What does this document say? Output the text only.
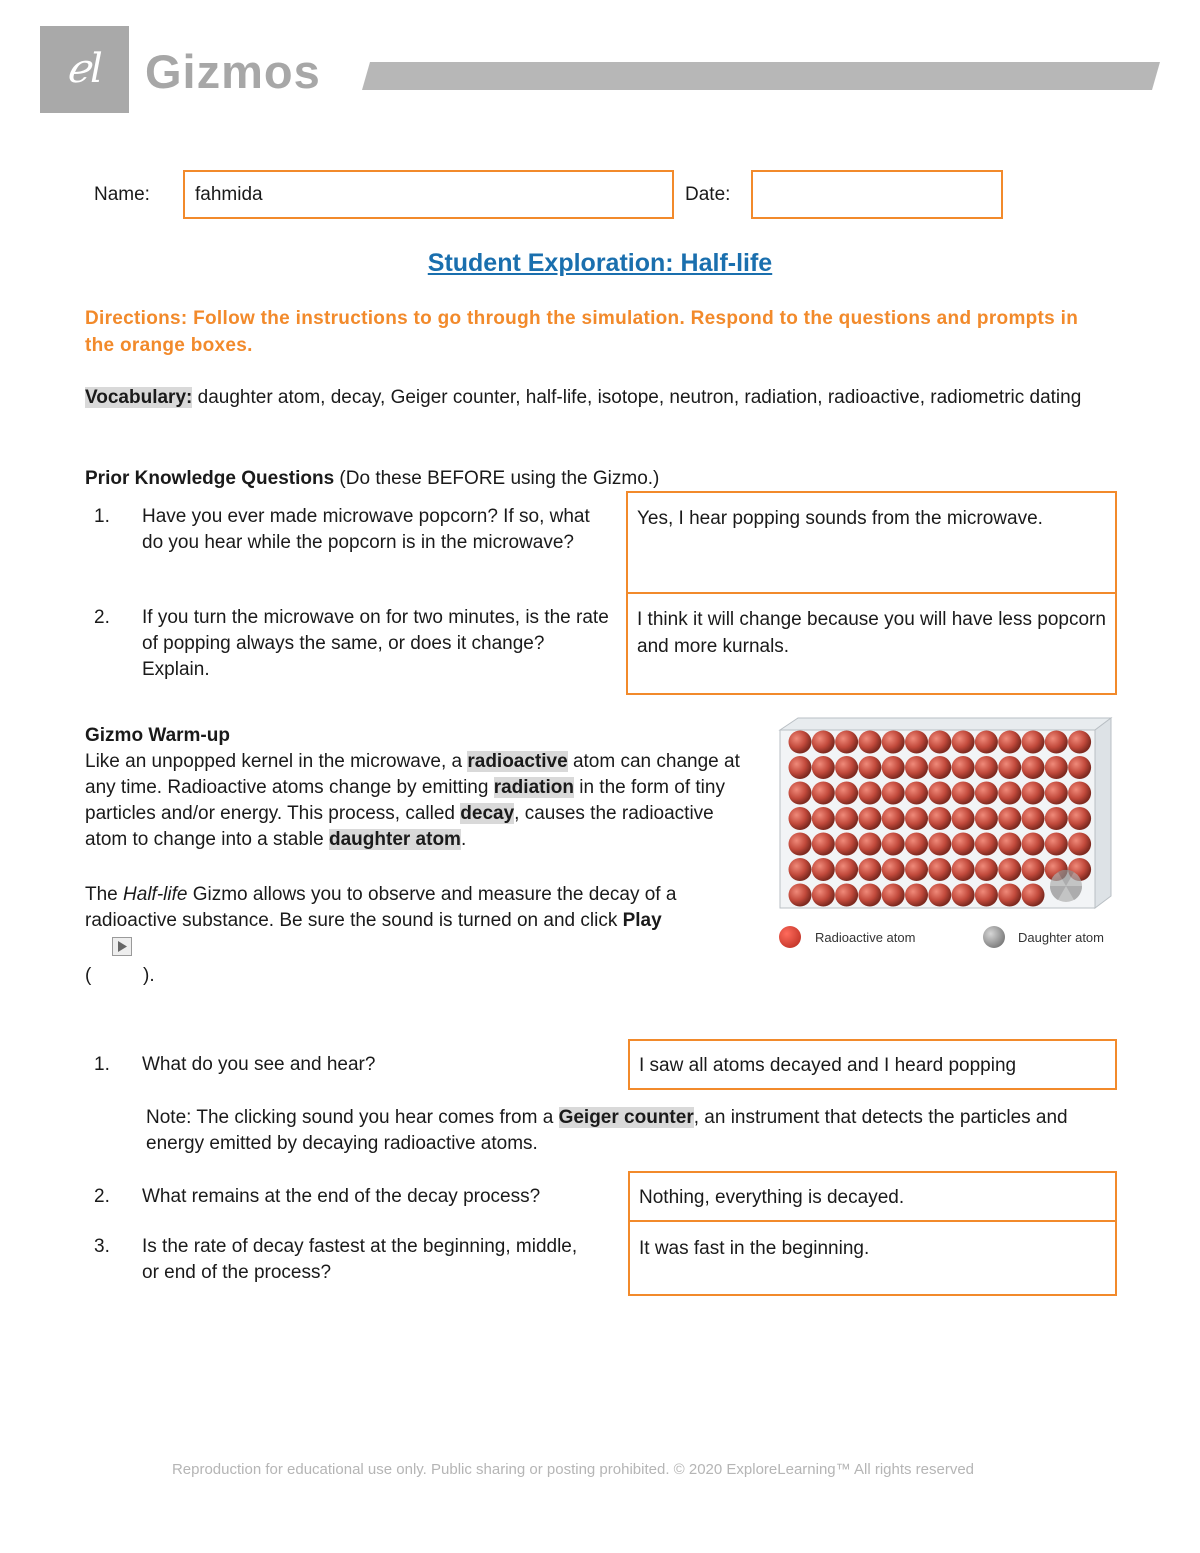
ℯl Gizmos
Name: fahmida	Date:
Student Exploration: Half-life
Directions: Follow the instructions to go through the simulation. Respond to the questions and prompts in the orange boxes.
Vocabulary: daughter atom, decay, Geiger counter, half-life, isotope, neutron, radiation, radioactive, radiometric dating
Prior Knowledge Questions (Do these BEFORE using the Gizmo.)
1. Have you ever made microwave popcorn? If so, what do you hear while the popcorn is in the microwave?
Yes, I hear popping sounds from the microwave.
2. If you turn the microwave on for two minutes, is the rate of popping always the same, or does it change? Explain.
I think it will change because you will have less popcorn and more kurnals.
Gizmo Warm-up
Like an unpopped kernel in the microwave, a radioactive atom can change at any time. Radioactive atoms change by emitting radiation in the form of tiny particles and/or energy. This process, called decay, causes the radioactive atom to change into a stable daughter atom.
The Half-life Gizmo allows you to observe and measure the decay of a radioactive substance. Be sure the sound is turned on and click Play
(	).
Radioactive atom	Daughter atom
1. What do you see and hear?	I saw all atoms decayed and I heard popping
Note: The clicking sound you hear comes from a Geiger counter, an instrument that detects the particles and energy emitted by decaying radioactive atoms.
2. What remains at the end of the decay process?	Nothing, everything is decayed.
3. Is the rate of decay fastest at the beginning, middle, or end of the process?
It was fast in the beginning.
Reproduction for educational use only. Public sharing or posting prohibited. © 2020 ExploreLearning™ All rights reserved
